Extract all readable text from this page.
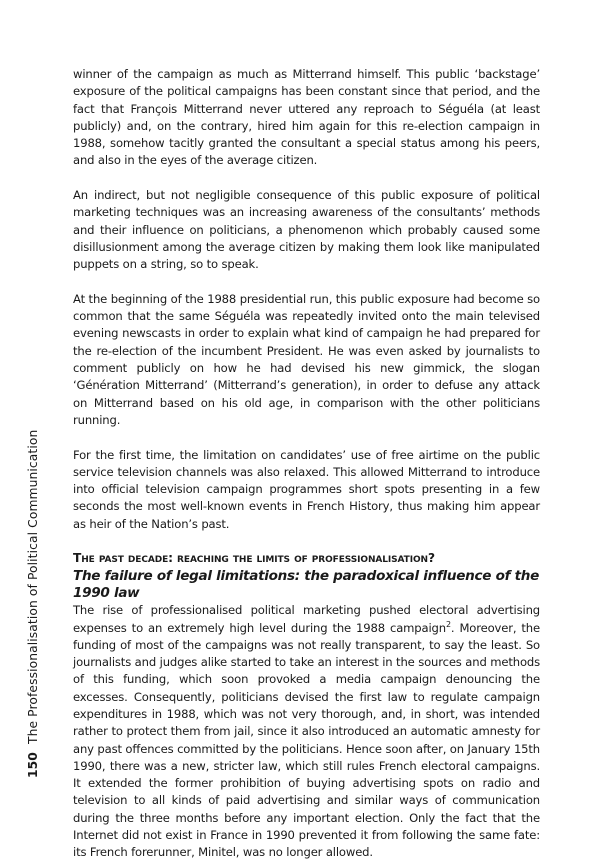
winner of the campaign as much as Mitterrand himself. This public ‘backstage’ exposure of the political campaigns has been constant since that period, and the fact that François Mitterrand never uttered any reproach to Séguéla (at least publicly) and, on the contrary, hired him again for this re-election campaign in 1988, somehow tacitly granted the consultant a special status among his peers, and also in the eyes of the average citizen.

An indirect, but not negligible consequence of this public exposure of political marketing techniques was an increasing awareness of the consultants’ methods and their influence on politicians, a phenomenon which probably caused some disillusionment among the average citizen by making them look like manipulated puppets on a string, so to speak.

At the beginning of the 1988 presidential run, this public exposure had become so common that the same Séguéla was repeatedly invited onto the main televised evening newscasts in order to explain what kind of campaign he had prepared for the re-election of the incumbent President. He was even asked by journalists to comment publicly on how he had devised his new gimmick, the slogan ‘Génération Mitterrand’ (Mitterrand’s generation), in order to defuse any attack on Mitterrand based on his old age, in comparison with the other politicians running.

For the first time, the limitation on candidates’ use of free airtime on the public service television channels was also relaxed. This allowed Mitterrand to introduce into official television campaign programmes short spots presenting in a few seconds the most well-known events in French History, thus making him appear as heir of the Nation’s past.

The past decade: reaching the limits of professionalisation?
The failure of legal limitations: the paradoxical influence of the 1990 law

The rise of professionalised political marketing pushed electoral advertising expenses to an extremely high level during the 1988 campaign$^2$. Moreover, the funding of most of the campaigns was not really transparent, to say the least. So journalists and judges alike started to take an interest in the sources and methods of this funding, which soon provoked a media campaign denouncing the excesses. Consequently, politicians devised the first law to regulate campaign expenditures in 1988, which was not very thorough, and, in short, was intended rather to protect them from jail, since it also introduced an automatic amnesty for any past offences committed by the politicians. Hence soon after, on January 15th 1990, there was a new, stricter law, which still rules French electoral campaigns. It extended the former prohibition of buying advertising spots on radio and television to all kinds of paid advertising and similar ways of communication during the three months before any important election. Only the fact that the Internet did not exist in France in 1990 prevented it from following the same fate: its French forerunner, Minitel, was no longer allowed.

150 The Professionalisation of Political Communication
